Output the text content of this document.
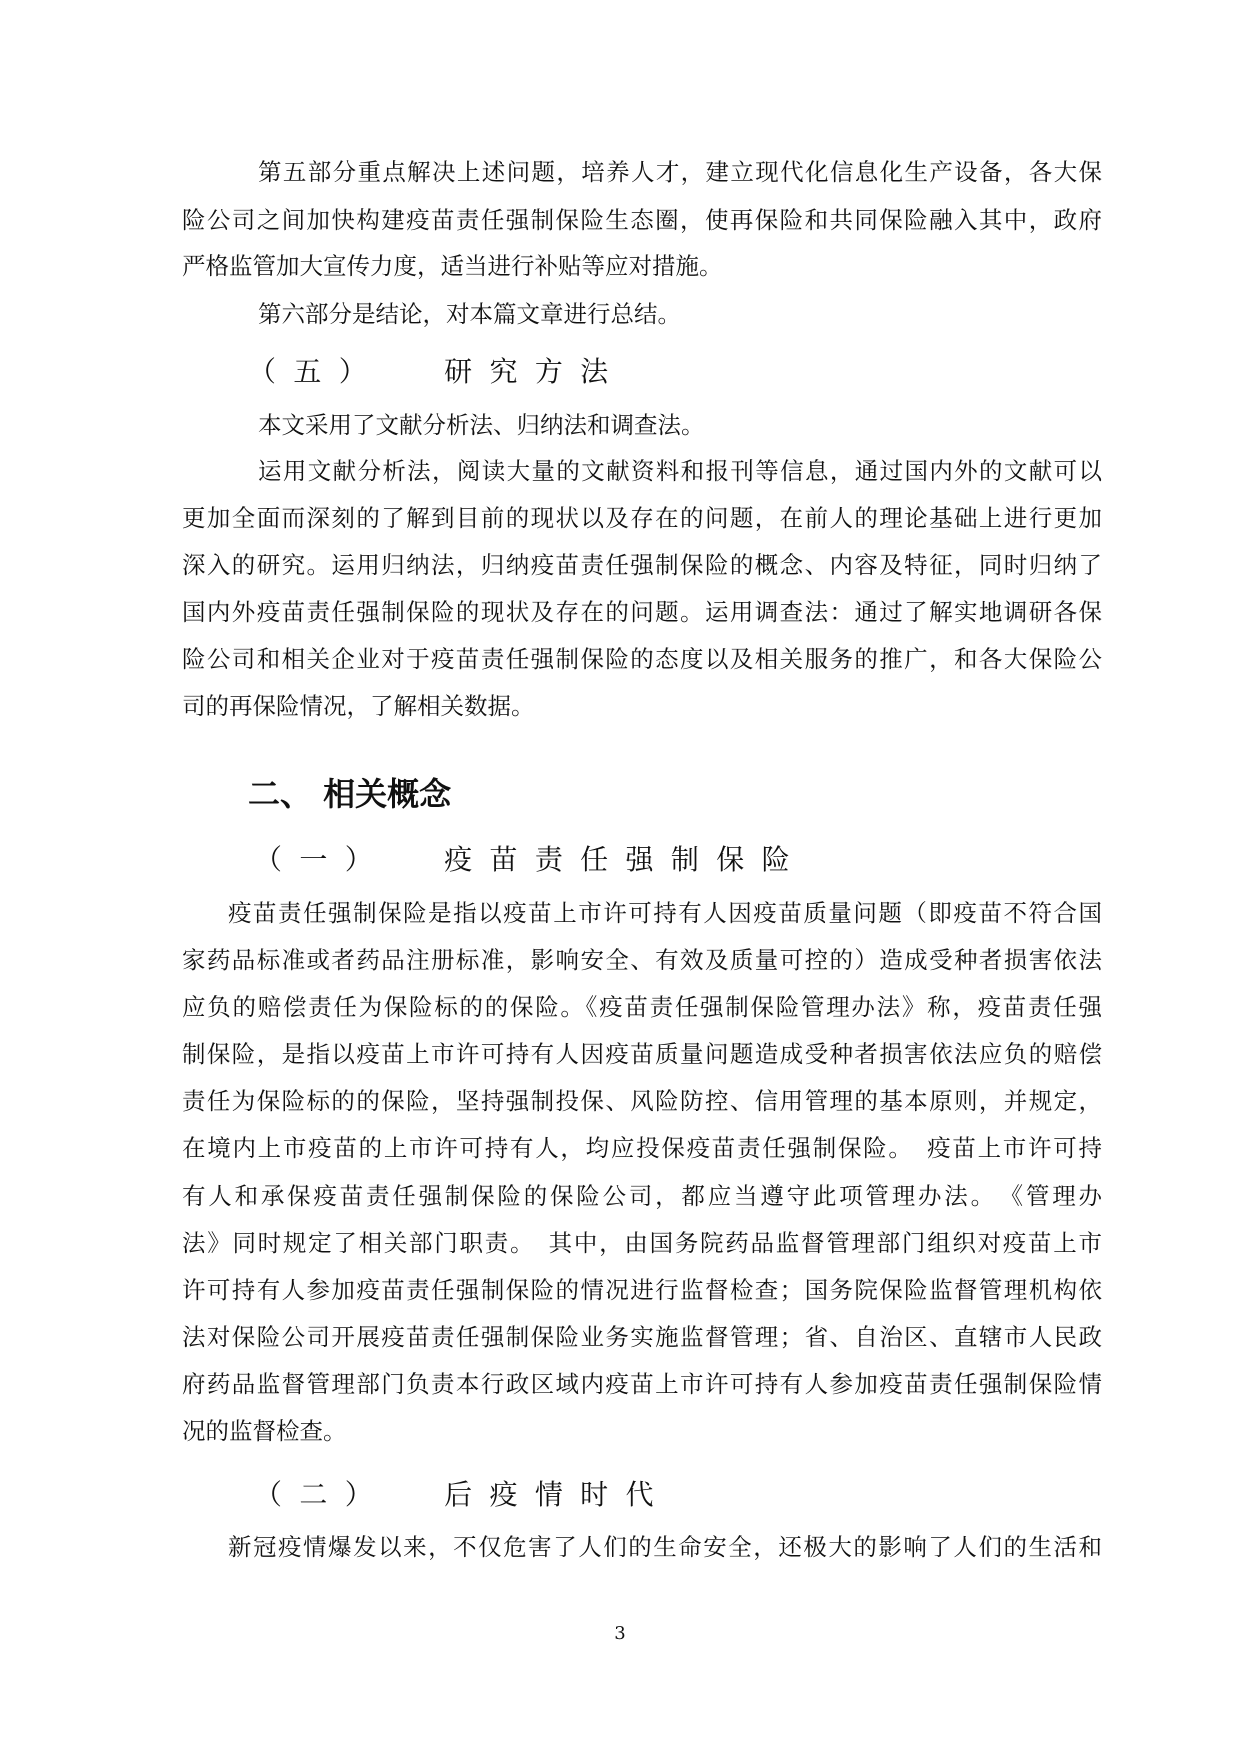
第五部分重点解决上述问题，培养人才，建立现代化信息化生产设备，各大保
险公司之间加快构建疫苗责任强制保险生态圈，使再保险和共同保险融入其中，政府
严格监管加大宣传力度，适当进行补贴等应对措施。
第六部分是结论，对本篇文章进行总结。
（五） 研究方法
本文采用了文献分析法、归纳法和调查法。
运用文献分析法，阅读大量的文献资料和报刊等信息，通过国内外的文献可以
更加全面而深刻的了解到目前的现状以及存在的问题，在前人的理论基础上进行更加
深入的研究。运用归纳法，归纳疫苗责任强制保险的概念、内容及特征，同时归纳了
国内外疫苗责任强制保险的现状及存在的问题。运用调查法：通过了解实地调研各保
险公司和相关企业对于疫苗责任强制保险的态度以及相关服务的推广，和各大保险公
司的再保险情况，了解相关数据。
二、 相关概念
（一） 疫苗责任强制保险
疫苗责任强制保险是指以疫苗上市许可持有人因疫苗质量问题（即疫苗不符合国
家药品标准或者药品注册标准，影响安全、有效及质量可控的）造成受种者损害依法
应负的赔偿责任为保险标的的保险。《疫苗责任强制保险管理办法》称，疫苗责任强
制保险，是指以疫苗上市许可持有人因疫苗质量问题造成受种者损害依法应负的赔偿
责任为保险标的的保险，坚持强制投保、风险防控、信用管理的基本原则，并规定，
在境内上市疫苗的上市许可持有人，均应投保疫苗责任强制保险。　疫苗上市许可持
有人和承保疫苗责任强制保险的保险公司，都应当遵守此项管理办法。　《管理办
法》同时规定了相关部门职责。　其中，由国务院药品监督管理部门组织对疫苗上市
许可持有人参加疫苗责任强制保险的情况进行监督检查；国务院保险监督管理机构依
法对保险公司开展疫苗责任强制保险业务实施监督管理；省、自治区、直辖市人民政
府药品监督管理部门负责本行政区域内疫苗上市许可持有人参加疫苗责任强制保险情
况的监督检查。
（二） 后疫情时代
新冠疫情爆发以来，不仅危害了人们的生命安全，还极大的影响了人们的生活和
3
